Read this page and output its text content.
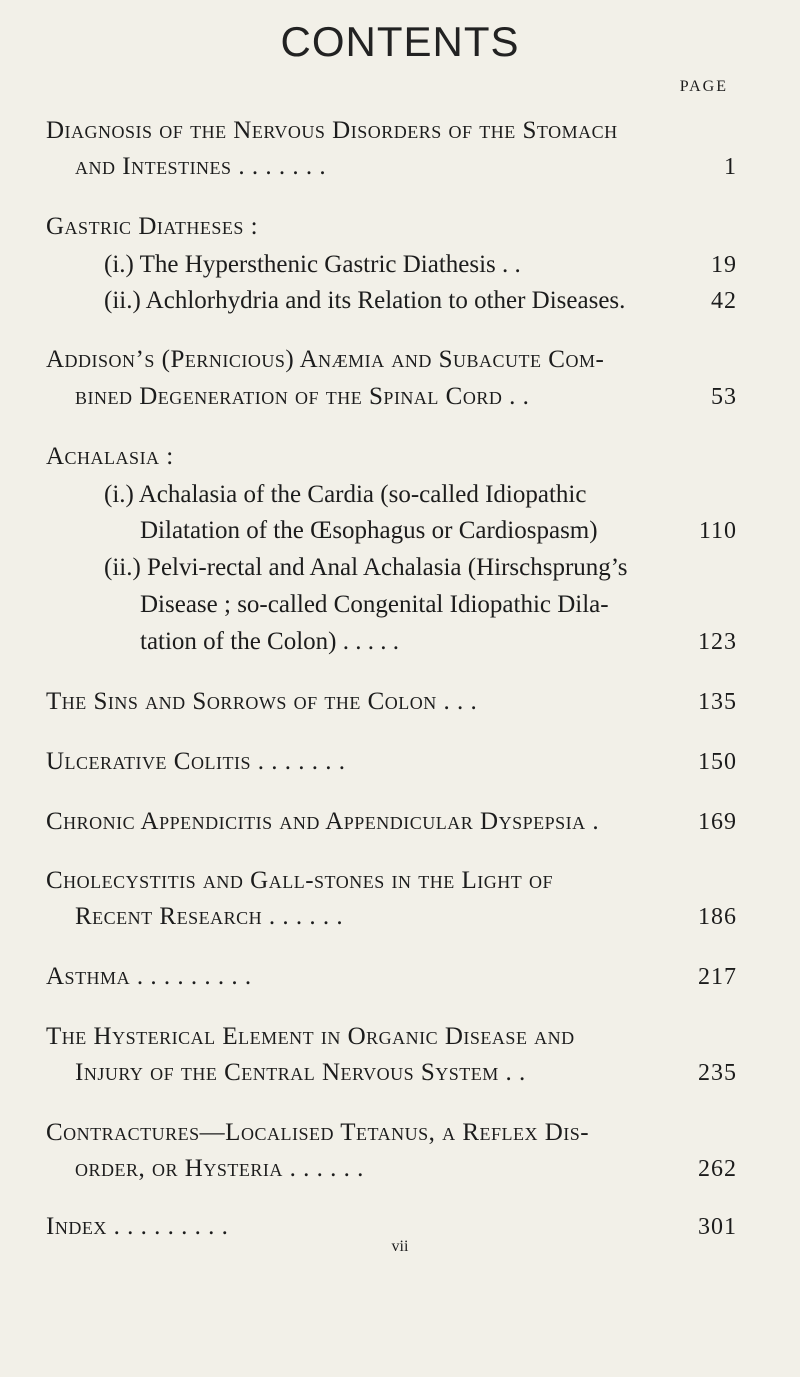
CONTENTS
PAGE
Diagnosis of the Nervous Disorders of the Stomach
and Intestines . . . . . . .	1
Gastric Diatheses :
(i.) The Hypersthenic Gastric Diathesis . .	19
(ii.) Achlorhydria and its Relation to other Diseases.	42
Addison’s (Pernicious) Anæmia and Subacute Com-
bined Degeneration of the Spinal Cord . .	53
Achalasia :
(i.) Achalasia of the Cardia (so-called Idiopathic
Dilatation of the Œsophagus or Cardiospasm)	110
(ii.) Pelvi-rectal and Anal Achalasia (Hirschsprung’s
Disease ; so-called Congenital Idiopathic Dila-
tation of the Colon) . . . . .	123
The Sins and Sorrows of the Colon . . .	135
Ulcerative Colitis . . . . . . .	150
Chronic Appendicitis and Appendicular Dyspepsia .	169
Cholecystitis and Gall-stones in the Light of
Recent Research . . . . . .	186
Asthma . . . . . . . . .	217
The Hysterical Element in Organic Disease and
Injury of the Central Nervous System . .	235
Contractures—Localised Tetanus, a Reflex Dis-
order, or Hysteria . . . . . .	262
Index . . . . . . . . .	301
vii
